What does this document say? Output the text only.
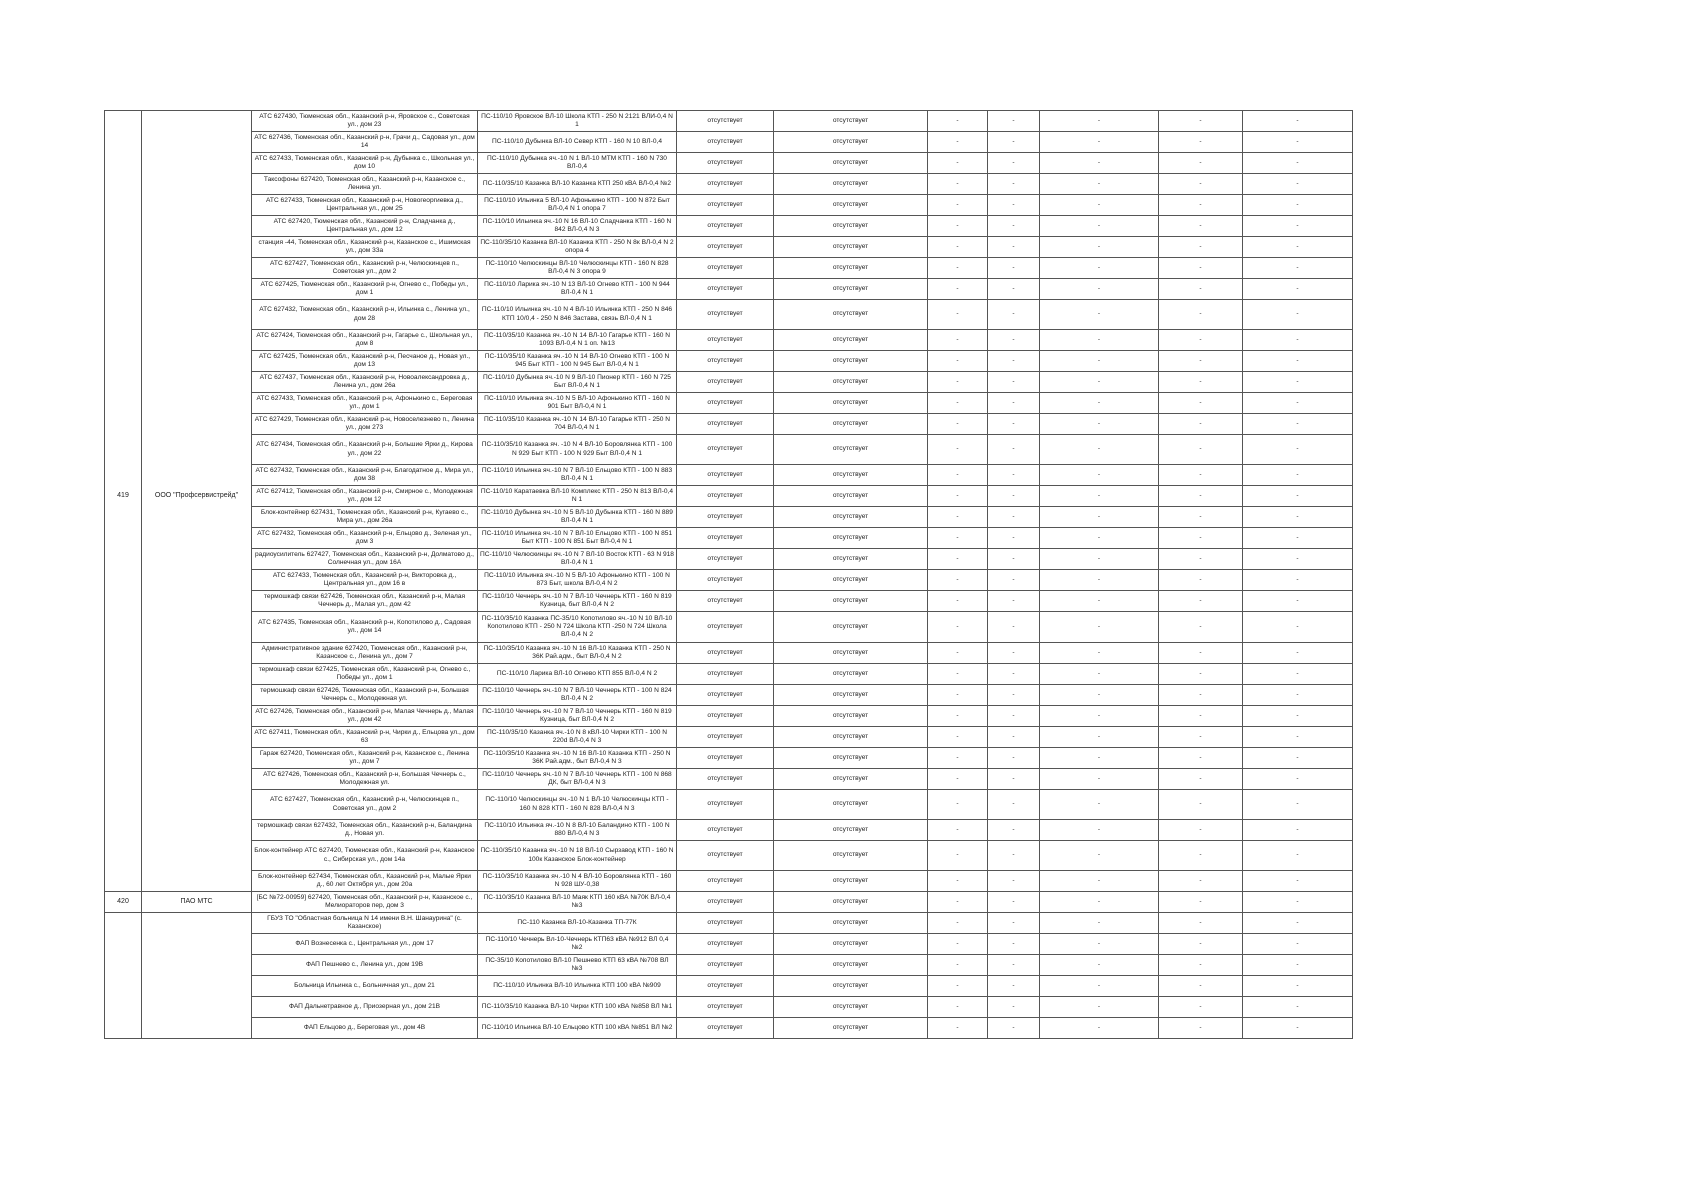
		АТС 627430, Тюменская обл., Казанский р-н, Яровское с., Советская ул., дом 23	ПС-110/10 Яровское ВЛ-10 Школа КТП - 250 N 2121 ВЛИ-0,4 N 1	отсутствует	отсутствует	-	-	-	-	-
		АТС 627436, Тюменская обл., Казанский р-н, Грачи д., Садовая ул., дом 14	ПС-110/10 Дубынка ВЛ-10 Север КТП - 160 N 10 ВЛ-0,4	отсутствует	отсутствует	-	-	-	-	-
		АТС 627433, Тюменская обл., Казанский р-н, Дубынка с., Школьная ул., дом 10	ПС-110/10 Дубынка яч.-10 N 1 ВЛ-10 МТМ КТП - 160 N 730 ВЛ-0,4	отсутствует	отсутствует	-	-	-	-	-
		Таксофоны 627420, Тюменская обл., Казанский р-н, Казанское с., Ленина ул.	ПС-110/35/10 Казанка ВЛ-10 Казанка КТП 250 кВА ВЛ-0,4 №2	отсутствует	отсутствует	-	-	-	-	-
		АТС 627433, Тюменская обл., Казанский р-н, Новогеоргиевка д., Центральная ул., дом 25	ПС-110/10 Ильинка 5 ВЛ-10 Афонькино КТП - 100 N 872 Быт ВЛ-0,4 N 1 опора 7	отсутствует	отсутствует	-	-	-	-	-
		АТС 627420, Тюменская обл., Казанский р-н, Сладчанка д., Центральная ул., дом 12	ПС-110/10 Ильинка яч.-10 N 16 ВЛ-10 Сладчанка КТП - 160 N 842 ВЛ-0,4 N 3	отсутствует	отсутствует	-	-	-	-	-
		станция -44, Тюменская обл., Казанский р-н, Казанское с., Ишимская ул., дом 33а	ПС-110/35/10 Казанка ВЛ-10 Казанка КТП - 250 N 8к ВЛ-0,4 N 2 опора 4	отсутствует	отсутствует	-	-	-	-	-
		АТС 627427, Тюменская обл., Казанский р-н, Челюскинцев п., Советская ул., дом 2	ПС-110/10 Челюскинцы ВЛ-10 Челюскинцы КТП - 160 N 828 ВЛ-0,4 N 3 опора 9	отсутствует	отсутствует	-	-	-	-	-
		АТС 627425, Тюменская обл., Казанский р-н, Огнево с., Победы ул., дом 1	ПС-110/10 Ларика яч.-10 N 13 ВЛ-10 Огнево КТП - 100 N 944 ВЛ-0,4 N 1	отсутствует	отсутствует	-	-	-	-	-
		АТС 627432, Тюменская обл., Казанский р-н, Ильинка с., Ленина ул., дом 28	ПС-110/10 Ильинка яч.-10 N 4 ВЛ-10 Ильинка КТП - 250 N 846 КТП 10/0,4 - 250 N 846 Застава, связь ВЛ-0,4 N 1	отсутствует	отсутствует	-	-	-	-	-
		АТС 627424, Тюменская обл., Казанский р-н, Гагарье с., Школьная ул., дом 8	ПС-110/35/10 Казанка яч.-10 N 14 ВЛ-10 Гагарье КТП - 160 N 1093 ВЛ-0,4 N 1 оп. №13	отсутствует	отсутствует	-	-	-	-	-
		АТС 627425, Тюменская обл., Казанский р-н, Песчаное д., Новая ул., дом 13	ПС-110/35/10 Казанка яч.-10 N 14 ВЛ-10 Огнево КТП - 100 N 945 Быт КТП - 100 N 945 Быт ВЛ-0,4 N 1	отсутствует	отсутствует	-	-	-	-	-
		АТС 627437, Тюменская обл., Казанский р-н, Новоалександровка д., Ленина ул., дом 26а	ПС-110/10 Дубынка яч.-10 N 9 ВЛ-10 Пионер КТП - 160 N 725 Быт ВЛ-0,4 N 1	отсутствует	отсутствует	-	-	-	-	-
		АТС 627433, Тюменская обл., Казанский р-н, Афонькино с., Береговая ул., дом 1	ПС-110/10 Ильинка яч.-10 N 5 ВЛ-10 Афонькино КТП - 160 N 901 Быт ВЛ-0,4 N 1	отсутствует	отсутствует	-	-	-	-	-
		АТС 627429, Тюменская обл., Казанский р-н, Новоселезнево п., Ленина ул., дом 273	ПС-110/35/10 Казанка яч.-10 N 14 ВЛ-10 Гагарье КТП - 250 N 704 ВЛ-0,4 N 1	отсутствует	отсутствует	-	-	-	-	-
		АТС 627434, Тюменская обл., Казанский р-н, Большие Ярки д., Кирова ул., дом 22	ПС-110/35/10 Казанка яч. -10 N 4 ВЛ-10 Боровлянка КТП - 100 N 929 Быт КТП - 100 N 929 Быт ВЛ-0,4 N 1	отсутствует	отсутствует	-	-	-	-	-
		АТС 627432, Тюменская обл., Казанский р-н, Благодатное д., Мира ул., дом 38	ПС-110/10 Ильинка яч.-10 N 7 ВЛ-10 Ельцово КТП - 100 N 883 ВЛ-0,4 N 1	отсутствует	отсутствует	-	-	-	-	-
419	ООО "Профсервистрейд"	АТС 627412, Тюменская обл., Казанский р-н, Смирное с., Молодежная ул., дом 12	ПС-110/10 Каратаевка ВЛ-10 Комплекс КТП - 250 N 813 ВЛ-0,4 N 1	отсутствует	отсутствует	-	-	-	-	-
		Блок-контейнер 627431, Тюменская обл., Казанский р-н, Кугаево с., Мира ул., дом 26а	ПС-110/10 Дубынка яч.-10 N 5 ВЛ-10 Дубынка КТП - 160 N 889 ВЛ-0,4 N 1	отсутствует	отсутствует	-	-	-	-	-
		АТС 627432, Тюменская обл., Казанский р-н, Ельцово д., Зеленая ул., дом 3	ПС-110/10 Ильинка яч.-10 N 7 ВЛ-10 Ельцово КТП - 100 N 851 Быт КТП - 100 N 851 Быт ВЛ-0,4 N 1	отсутствует	отсутствует	-	-	-	-	-
		радиоусилитель 627427, Тюменская обл., Казанский р-н, Долматово д., Солнечная ул., дом 16А	ПС-110/10 Челюскинцы яч.-10 N 7 ВЛ-10 Восток КТП - 63 N 918 ВЛ-0,4 N 1	отсутствует	отсутствует	-	-	-	-	-
		АТС 627433, Тюменская обл., Казанский р-н, Викторовка д., Центральная ул., дом 16 в	ПС-110/10 Ильинка яч.-10 N 5 ВЛ-10 Афонькино КТП - 100 N 873 Быт, школа ВЛ-0,4 N 2	отсутствует	отсутствует	-	-	-	-	-
		термошкаф связи 627426, Тюменская обл., Казанский р-н, Малая Чечнерь д., Малая ул., дом 42	ПС-110/10 Чечнерь яч.-10 N 7 ВЛ-10 Чечнерь КТП - 160 N 819 Кузница, быт ВЛ-0,4 N 2	отсутствует	отсутствует	-	-	-	-	-
		АТС 627435, Тюменская обл., Казанский р-н, Копотилово д., Садовая ул., дом 14	ПС-110/35/10 Казанка ПС-35/10 Копотилово яч.-10 N 10 ВЛ-10 Копотилово КТП - 250 N 724 Школа КТП -250 N 724 Школа ВЛ-0,4 N 2	отсутствует	отсутствует	-	-	-	-	-
		Административное здание 627420, Тюменская обл., Казанский р-н, Казанское с., Ленина ул., дом 7	ПС-110/35/10 Казанка яч.-10 N 16 ВЛ-10 Казанка КТП - 250 N 36К Рай.адм., быт ВЛ-0,4 N 2	отсутствует	отсутствует	-	-	-	-	-
		термошкаф связи 627425, Тюменская обл., Казанский р-н, Огнево с., Победы ул., дом 1	ПС-110/10 Ларика ВЛ-10 Огнево КТП 855 ВЛ-0,4 N 2	отсутствует	отсутствует	-	-	-	-	-
		термошкаф связи 627426, Тюменская обл., Казанский р-н, Большая Чечнерь с., Молодежная ул.	ПС-110/10 Чечнерь яч.-10 N 7 ВЛ-10 Чечнерь КТП - 100 N 824 ВЛ-0,4 N 2	отсутствует	отсутствует	-	-	-	-	-
		АТС 627426, Тюменская обл., Казанский р-н, Малая Чечнерь д., Малая ул., дом 42	ПС-110/10 Чечнерь яч.-10 N 7 ВЛ-10 Чечнерь КТП - 160 N 819 Кузница, быт ВЛ-0,4 N 2	отсутствует	отсутствует	-	-	-	-	-
		АТС 627411, Тюменская обл., Казанский р-н, Чирки д., Ельцова ул., дом 63	ПС-110/35/10 Казанка яч.-10 N 8 кВЛ-10 Чирки КТП - 100 N 220d ВЛ-0,4 N 3	отсутствует	отсутствует	-	-	-	-	-
		Гараж 627420, Тюменская обл., Казанский р-н, Казанское с., Ленина ул., дом 7	ПС-110/35/10 Казанка яч.-10 N 16 ВЛ-10 Казанка КТП - 250 N 36К Рай.адм., быт ВЛ-0,4 N 3	отсутствует	отсутствует	-	-	-	-	-
		АТС 627426, Тюменская обл., Казанский р-н, Большая Чечнерь с., Молодежная ул.	ПС-110/10 Чечнерь яч.-10 N 7 ВЛ-10 Чечнерь КТП - 100 N 868 ДК, быт ВЛ-0,4 N 3	отсутствует	отсутствует	-	-	-	-	-
		АТС 627427, Тюменская обл., Казанский р-н, Челюскинцев п., Советская ул., дом 2	ПС-110/10 Челюскинцы яч.-10 N 1 ВЛ-10 Челюскинцы КТП - 160 N 828 КТП - 160 N 828 ВЛ-0,4 N 3	отсутствует	отсутствует	-	-	-	-	-
		термошкаф связи 627432, Тюменская обл., Казанский р-н, Баландина д., Новая ул.	ПС-110/10 Ильинка яч.-10 N 8 ВЛ-10 Баландино КТП - 100 N 880 ВЛ-0,4 N 3	отсутствует	отсутствует	-	-	-	-	-
		Блок-контейнер АТС 627420, Тюменская обл., Казанский р-н, Казанское с., Сибирская ул., дом 14а	ПС-110/35/10 Казанка яч.-10 N 18 ВЛ-10 Сырзавод КТП - 160 N 100к Казанское Блок-контейнер	отсутствует	отсутствует	-	-	-	-	-
		Блок-контейнер 627434, Тюменская обл., Казанский р-н, Малые Ярки д., 60 лет Октября ул., дом 20а	ПС-110/35/10 Казанка яч.-10 N 4 ВЛ-10 Боровлянка КТП - 160 N 928 ШУ-0,38	отсутствует	отсутствует	-	-	-	-	-
420	ПАО МТС	[БС №72-00959] 627420, Тюменская обл., Казанский р-н, Казанское с., Мелиораторов пер, дом 3	ПС-110/35/10 Казанка ВЛ-10 Маяк КТП 160 кВА №70К ВЛ-0,4 №3	отсутствует	отсутствует	-	-	-	-	-
		ГБУЗ ТО "Областная больница N 14 имени В.Н. Шанаурина" (с. Казанское)	ПС-110 Казанка ВЛ-10-Казанка ТП-77К	отсутствует	отсутствует	-	-	-	-	-
		ФАП Вознесенка с., Центральная ул., дом 17	ПС-110/10 Чечнерь Вл-10-Чечнерь КТП63 кВА №912 ВЛ 0,4 №2	отсутствует	отсутствует	-	-	-	-	-
		ФАП Пешнево с., Ленина ул., дом 19В	ПС-35/10 Копотилово ВЛ-10 Пешнево КТП 63 кВА №708 ВЛ №3	отсутствует	отсутствует	-	-	-	-	-
		Больница Ильинка с., Больничная ул., дом 21	ПС-110/10 Ильинка ВЛ-10 Ильинка КТП 100 кВА №909	отсутствует	отсутствует	-	-	-	-	-
		ФАП Дальнетравное д., Приозерная ул., дом 21В	ПС-110/35/10 Казанка ВЛ-10 Чирки КТП 100 кВА №858 ВЛ №1	отсутствует	отсутствует	-	-	-	-	-
		ФАП Ельцово д., Береговая ул., дом 4В	ПС-110/10 Ильинка ВЛ-10 Ельцово КТП 100 кВА №851 ВЛ №2	отсутствует	отсутствует	-	-	-	-	-
